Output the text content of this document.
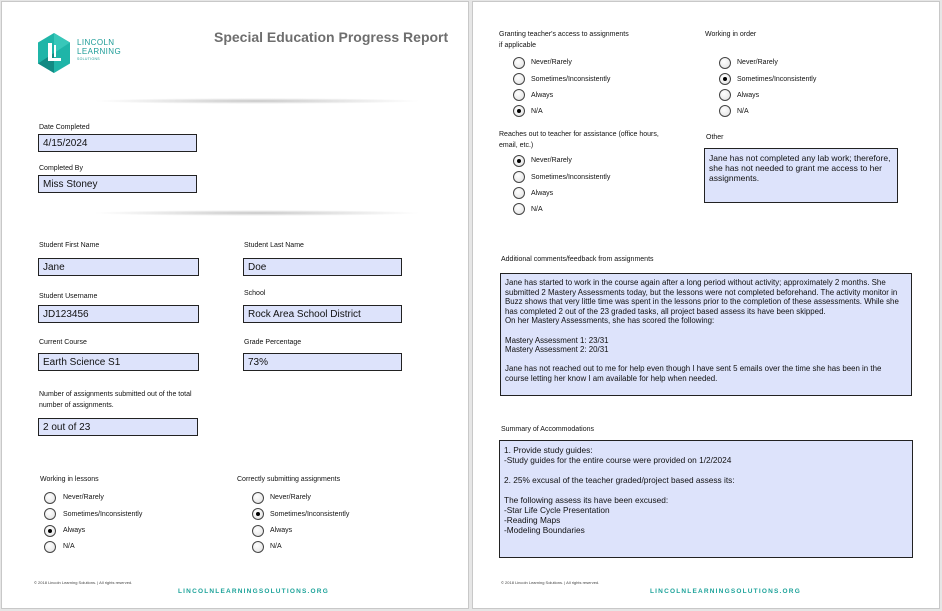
LINCOLN
LEARNING
SOLUTIONS
Special Education Progress Report
Date Completed
4/15/2024
Completed By
Miss Stoney
Student First Name
Jane
Student Last Name
Doe
Student Username
JD123456
School
Rock Area School District
Current Course
Earth Science S1
Grade Percentage
73%
Number of assignments submitted out of the total number of assignments.
2 out of 23
Working in lessons
Never/Rarely
Sometimes/Inconsistently
Always
N/A
Correctly submitting assignments
Never/Rarely
Sometimes/Inconsistently
Always
N/A
© 2018 Lincoln Learning Solutions. | All rights reserved.
LINCOLNLEARNINGSOLUTIONS.ORG
Granting teacher's access to assignments if applicable
Never/Rarely
Sometimes/Inconsistently
Always
N/A
Working in order
Never/Rarely
Sometimes/Inconsistently
Always
N/A
Reaches out to teacher for assistance (office hours, email, etc.)
Never/Rarely
Sometimes/Inconsistently
Always
N/A
Other
Jane has not completed any lab work; therefore, she has not needed to grant me access to her assignments.
Additional comments/feedback from assignments
Jane has started to work in the course again after a long period without activity; approximately 2 months. She submitted 2 Mastery Assessments today, but the lessons were not completed beforehand. The activity monitor in Buzz shows that very little time was spent in the lessons prior to the completion of these assessments. While she has completed 2 out of the 23 graded tasks, all project based assess its have been skipped.
On her Mastery Assessments, she has scored the following:

Mastery Assessment 1: 23/31
Mastery Assessment 2: 20/31

Jane has not reached out to me for help even though I have sent 5 emails over the time she has been in the course letting her know I am available for help when needed.
Summary of Accommodations
1. Provide study guides:
-Study guides for the entire course were provided on 1/2/2024

2. 25% excusal of the teacher graded/project based assess its:

The following assess its have been excused:
-Star Life Cycle Presentation
-Reading Maps
-Modeling Boundaries
© 2018 Lincoln Learning Solutions. | All rights reserved.
LINCOLNLEARNINGSOLUTIONS.ORG
